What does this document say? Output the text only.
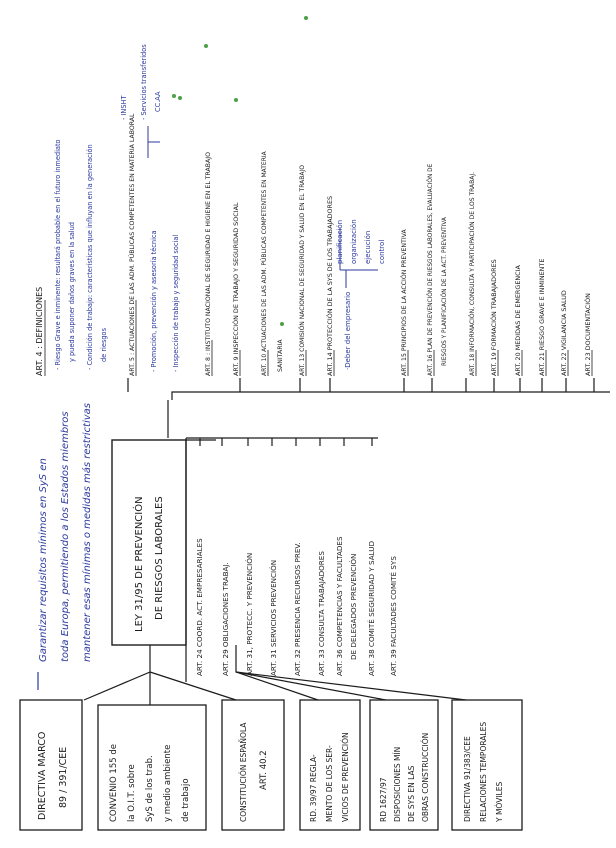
LEY 31/95 DE PREVENCIÓN DE RIESGOS LABORALES
Garantizar requisitos mínimos en SyS en toda Europa, permitiendo a los Estados miembros mantener esas mínimas o medidas más restrictivas
DIRECTIVA MARCO 89 / 391/CEE	CONVENIO 155 de la O.I.T. sobre SyS de los trab. y medio ambiente de trabajo	CONSTITUCIÓN ESPAÑOLA ART. 40.2	RD. 39/97 REGLA- MENTO DE LOS SER- VICIOS DE PREVENCIÓN	RD 1627/97 DISPOSICIONES MÍN DE SYS EN LAS OBRAS CONSTRUCCIÓN	DIRECTIVA 91/383/CEE RELACIONES TEMPORALES Y MÓVILES
ART. 24 COORD. ACT. EMPRESARIALES ART. 29 OBLIGACIONES TRABAJ. ART. 31, PROTECC. Y PREVENCIÓN ART. 31 SERVICIOS PREVENCIÓN ART. 32 PRESENCIA RECURSOS PREV. ART. 33 CONSULTA TRABAJADORES ART. 36 COMPETENCIAS Y FACULTADES DE DELEGADOS PREVENCIÓN ART. 38 COMITÉ SEGURIDAD Y SALUD ART. 39 FACULTADES COMITÉ SYS
ART. 4 : DEFINICIONES - Riesgo Grave e inminente: resultará probable en el futuro inmediato y pueda suponer daños graves en la salud - Condición de trabajo: características que influyan en la generación de riesgos	ART. 5 : ACTUACIONES DE LAS ADM. PÚBLICAS COMPETENTES EN MATERIA LABORAL - Promoción, prevención y asesoría técnica - Inspección de trabajo y seguridad social
- INSHT - Servicios transferidos CC.AA
ART. 8 : INSTITUTO NACIONAL DE SEGURIDAD E HIGIENE EN EL TRABAJO	ART. 9 INSPECCIÓN DE TRABAJO Y SEGURIDAD SOCIAL	ART. 10 ACTUACIONES DE LAS ADM. PÚBLICAS COMPETENTES EN MATERIA SANITARIA	ART. 13 COMISIÓN NACIONAL DE SEGURIDAD Y SALUD EN EL TRABAJO	ART. 14 PROTECCIÓN DE LA SYS DE LOS TRABAJADORES ·Deber del empresario
planificación organización ejecución control	ART. 15 PRINCIPIOS DE LA ACCIÓN PREVENTIVA	ART. 16 PLAN DE PREVENCIÓN DE RIESGOS LABORALES, EVALUACIÓN DE RIESGOS Y PLANIFICACIÓN DE LA ACT. PREVENTIVA	ART. 18 INFORMACIÓN, CONSULTA Y PARTICIPACIÓN DE LOS TRABAJ. ART. 19 FORMACIÓN TRABAJADORES	ART. 20 MEDIDAS DE EMERGENCIA	ART. 21 RIESGO GRAVE E INMINENTE ART. 22 VIGILANCIA SALUD	ART. 23 DOCUMENTACIÓN
